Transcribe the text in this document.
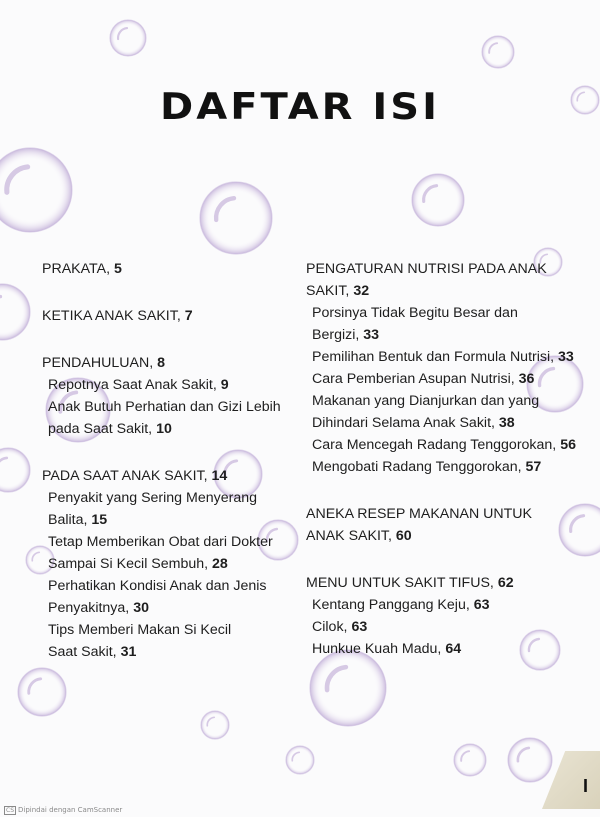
DAFTAR ISI
PRAKATA, 5
KETIKA ANAK SAKIT, 7
PENDAHULUAN, 8
Repotnya Saat Anak Sakit, 9
Anak Butuh Perhatian dan Gizi Lebih
pada Saat Sakit, 10
PADA SAAT ANAK SAKIT, 14
Penyakit yang Sering Menyerang Balita, 15
Tetap Memberikan Obat dari Dokter
Sampai Si Kecil Sembuh, 28
Perhatikan Kondisi Anak dan Jenis
Penyakitnya, 30
Tips Memberi Makan Si Kecil
Saat Sakit, 31
PENGATURAN NUTRISI PADA ANAK
SAKIT, 32
Porsinya Tidak Begitu Besar dan
Bergizi, 33
Pemilihan Bentuk dan Formula Nutrisi, 33
Cara Pemberian Asupan Nutrisi, 36
Makanan yang Dianjurkan dan yang
Dihindari Selama Anak Sakit, 38
Cara Mencegah Radang Tenggorokan, 56
Mengobati Radang Tenggorokan, 57
ANEKA RESEP MAKANAN UNTUK
ANAK SAKIT, 60
MENU UNTUK SAKIT TIFUS, 62
Kentang Panggang Keju, 63
Cilok, 63
Hunkue Kuah Madu, 64
I
CS Dipindai dengan CamScanner
